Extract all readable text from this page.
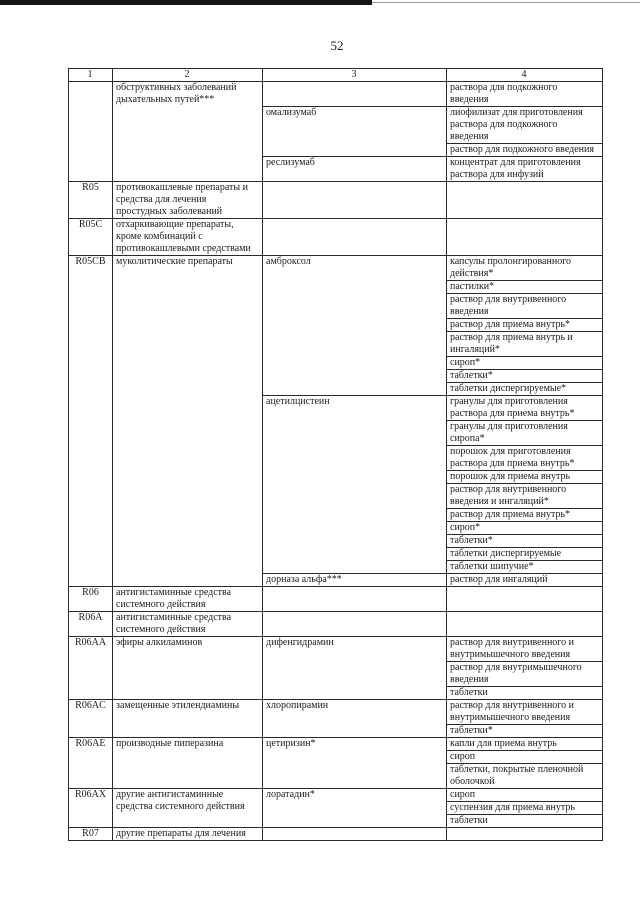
52
1	2	3	4
	обструктивных заболеваний дыхательных путей***		раствора для подкожного введения
		омализумаб	лиофилизат для приготовления раствора для подкожного введения
			раствор для подкожного введения
		реслизумаб	концентрат для приготовления раствора для инфузий
R05	противокашлевые препараты и средства для лечения простудных заболеваний		
R05C	отхаркивающие препараты, кроме комбинаций с противокашлевыми средствами		
R05CB	муколитические препараты	амброксол	капсулы пролонгированного действия*
			пастилки*
			раствор для внутривенного введения
			раствор для приема внутрь*
			раствор для приема внутрь и ингаляций*
			сироп*
			таблетки*
			таблетки диспергируемые*
		ацетилцистеин	гранулы для приготовления раствора для приема внутрь*
			гранулы для приготовления сиропа*
			порошок для приготовления раствора для приема внутрь*
			порошок для приема внутрь
			раствор для внутривенного введения и ингаляций*
			раствор для приема внутрь*
			сироп*
			таблетки*
			таблетки диспергируемые
			таблетки шипучие*
		дорназа альфа***	раствор для ингаляций
R06	антигистаминные средства системного действия		
R06A	антигистаминные средства системного действия		
R06AA	эфиры алкиламинов	дифенгидрамин	раствор для внутривенного и внутримышечного введения
			раствор для внутримышечного введения
			таблетки
R06AC	замещенные этилендиамины	хлоропирамин	раствор для внутривенного и внутримышечного введения
			таблетки*
R06AE	производные пиперазина	цетиризин*	капли для приема внутрь
			сироп
			таблетки, покрытые пленочной оболочкой
R06AX	другие антигистаминные средства системного действия	лоратадин*	сироп
			суспензия для приема внутрь
			таблетки
R07	другие препараты для лечения		
